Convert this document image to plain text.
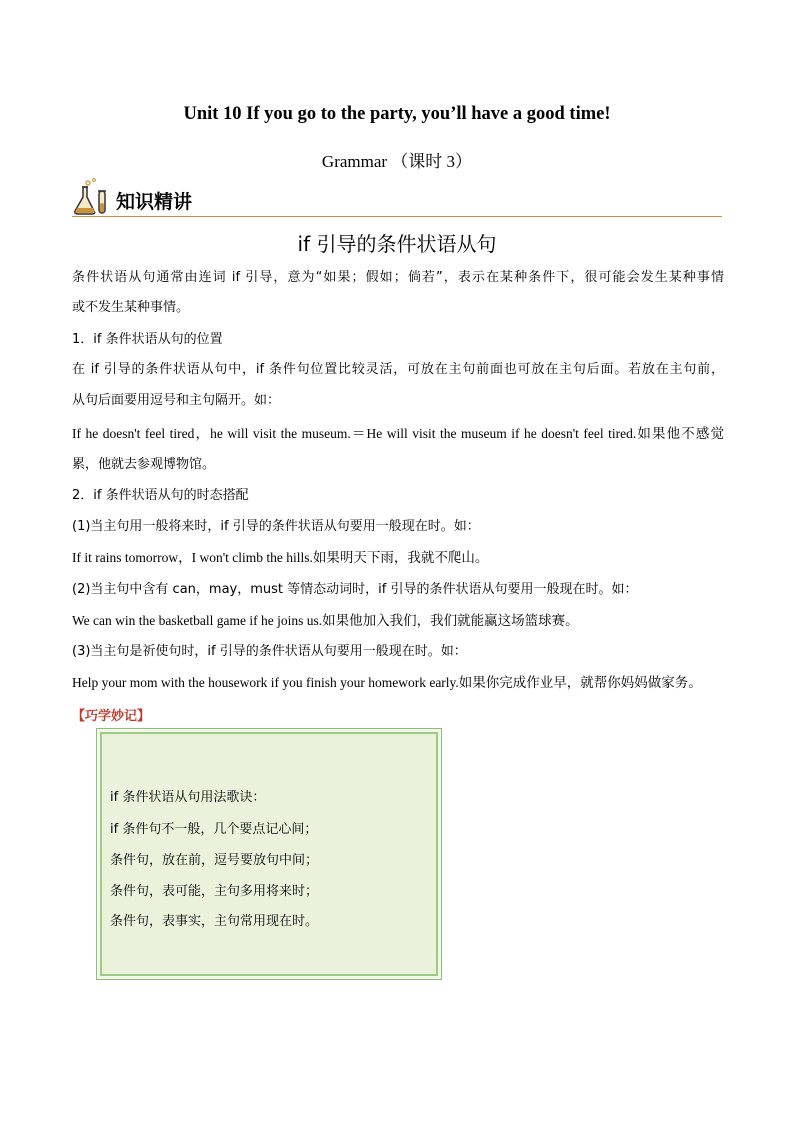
Unit 10 If you go to the party, you’ll have a good time!
Grammar （课时 3）
知识精讲
if 引导的条件状语从句
条件状语从句通常由连词 if 引导，意为“如果；假如；倘若”，表示在某种条件下，很可能会发生某种事情
或不发生某种事情。
1．if 条件状语从句的位置
在 if 引导的条件状语从句中，if 条件句位置比较灵活，可放在主句前面也可放在主句后面。若放在主句前，
从句后面要用逗号和主句隔开。如：
If he doesn't feel tired，he will visit the museum.＝He will visit the museum if he doesn't feel tired.如果他不感觉
累，他就去参观博物馆。
2．if 条件状语从句的时态搭配
(1)当主句用一般将来时，if 引导的条件状语从句要用一般现在时。如：
If it rains tomorrow，I won't climb the hills.如果明天下雨，我就不爬山。
(2)当主句中含有 can，may，must 等情态动词时，if 引导的条件状语从句要用一般现在时。如：
We can win the basketball game if he joins us.如果他加入我们，我们就能赢这场篮球赛。
(3)当主句是祈使句时，if 引导的条件状语从句要用一般现在时。如：
Help your mom with the housework if you finish your homework early.如果你完成作业早，就帮你妈妈做家务。
【巧学妙记】
if 条件状语从句用法歌诀：
if 条件句不一般，几个要点记心间；
条件句，放在前，逗号要放句中间；
条件句，表可能，主句多用将来时；
条件句，表事实，主句常用现在时。
